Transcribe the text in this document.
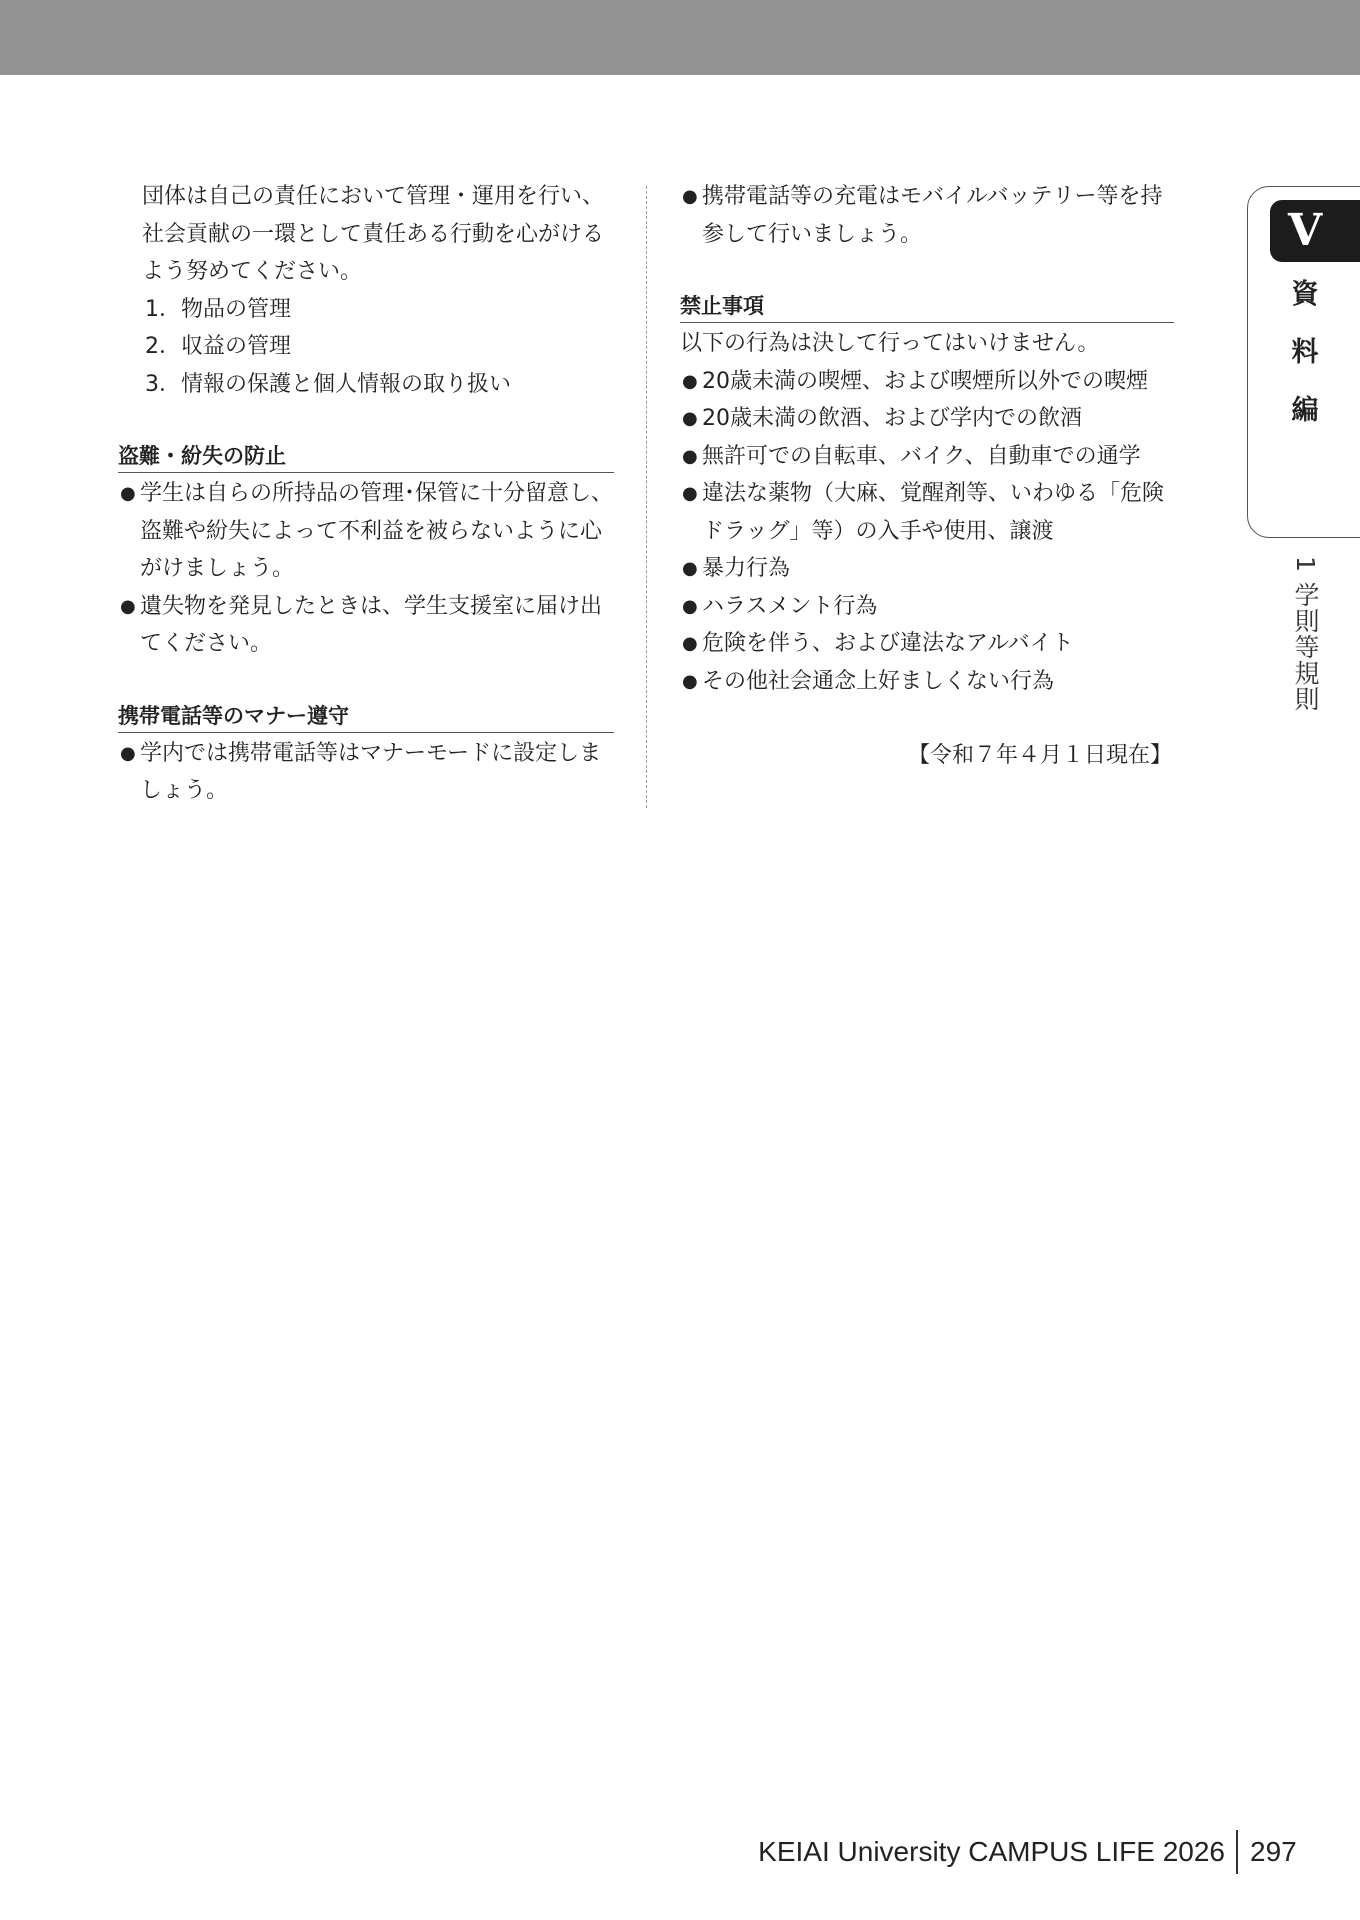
団体は自己の責任において管理・運用を行い、
社会貢献の一環として責任ある行動を心がける
よう努めてください。
1．物品の管理
2．収益の管理
3．情報の保護と個人情報の取り扱い
盗難・紛失の防止
● 学生は自らの所持品の管理･保管に十分留意し、
盗難や紛失によって不利益を被らないように心
がけましょう。
● 遺失物を発見したときは、学生支援室に届け出
てください。
携帯電話等のマナー遵守
● 学内では携帯電話等はマナーモードに設定しま
しょう。
● 携帯電話等の充電はモバイルバッテリー等を持
参して行いましょう。
禁止事項
以下の行為は決して行ってはいけません。
● 20歳未満の喫煙、および喫煙所以外での喫煙
● 20歳未満の飲酒、および学内での飲酒
● 無許可での自転車、バイク、自動車での通学
● 違法な薬物（大麻、覚醒剤等、いわゆる「危険
ドラッグ」等）の入手や使用、譲渡
● 暴力行為
● ハラスメント行為
● 危険を伴う、および違法なアルバイト
● その他社会通念上好ましくない行為
【令和７年４月１日現在】
V
資
料
編
1 学則等規則
KEIAI University CAMPUS LIFE 2026 297
